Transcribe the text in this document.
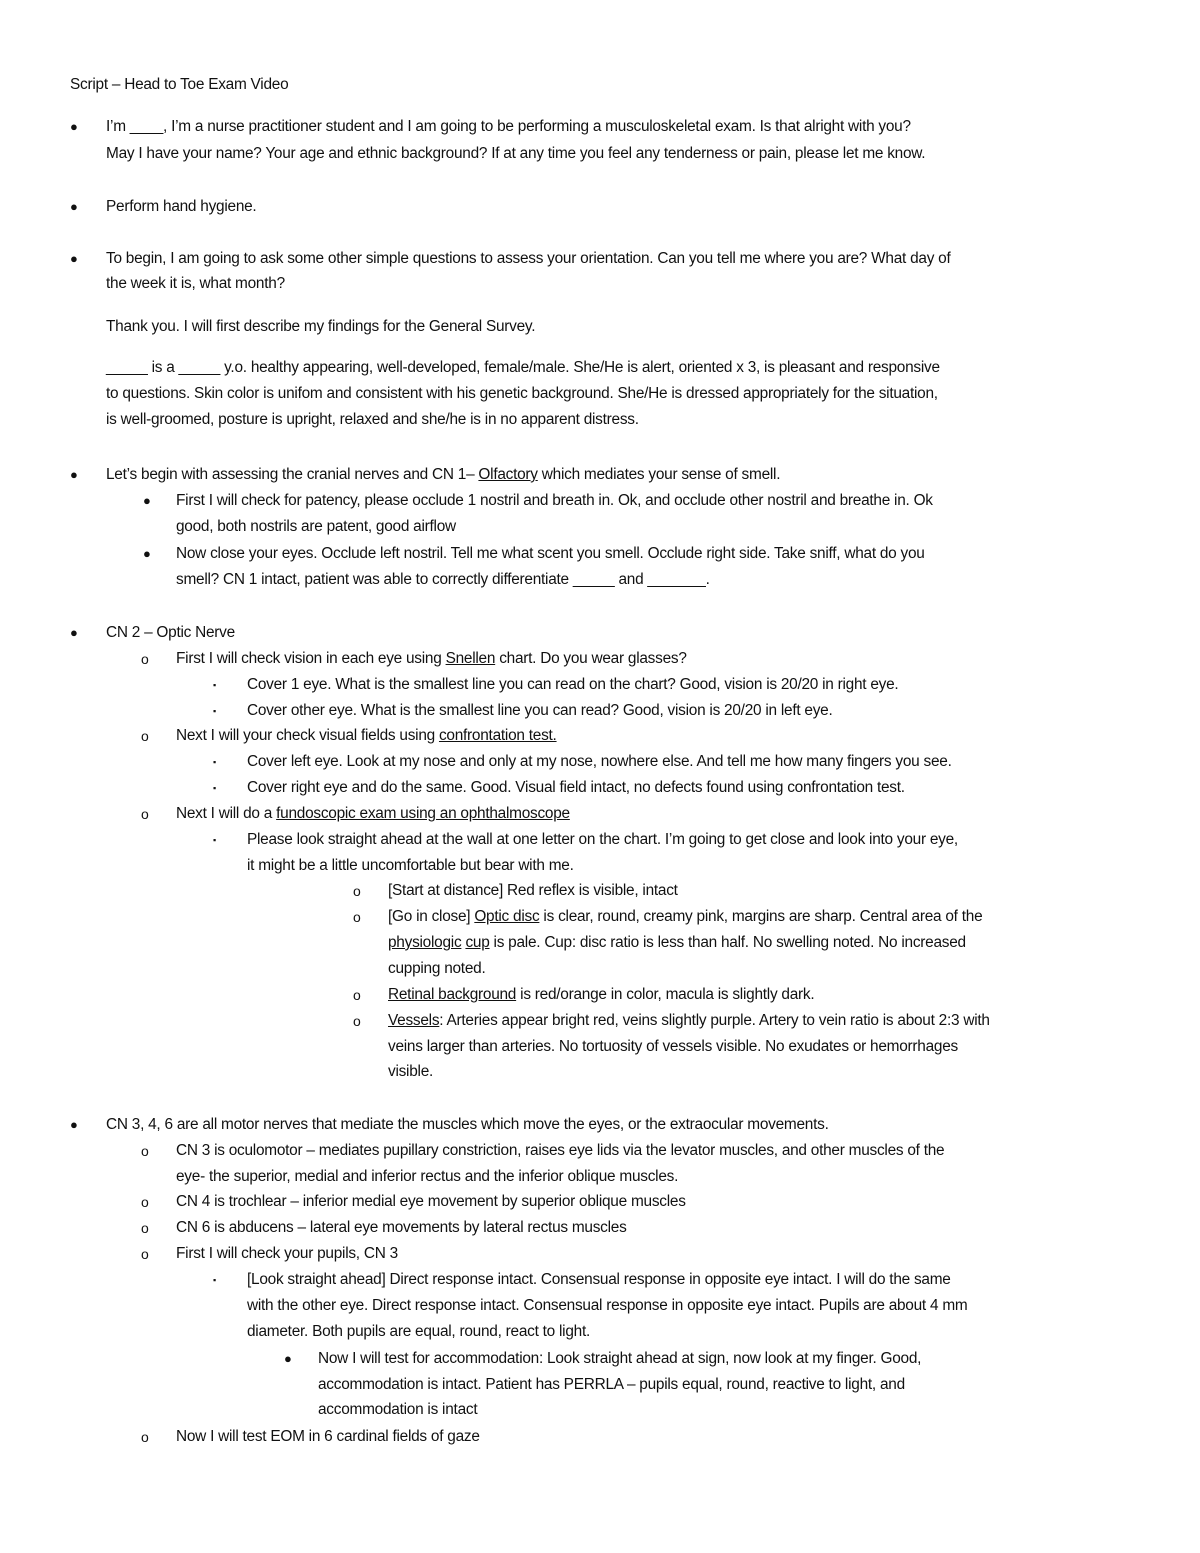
Script – Head to Toe Exam Video
● I’m ____, I’m a nurse practitioner student and I am going to be performing a musculoskeletal exam. Is that alright with you?
May I have your name? Your age and ethnic background? If at any time you feel any tenderness or pain, please let me know.
● Perform hand hygiene.
● To begin, I am going to ask some other simple questions to assess your orientation. Can you tell me where you are? What day of
the week it is, what month?
Thank you. I will first describe my findings for the General Survey.
_____ is a _____ y.o. healthy appearing, well-developed, female/male. She/He is alert, oriented x 3, is pleasant and responsive
to questions. Skin color is unifom and consistent with his genetic background. She/He is dressed appropriately for the situation,
is well-groomed, posture is upright, relaxed and she/he is in no apparent distress.
● Let’s begin with assessing the cranial nerves and CN 1– Olfactory which mediates your sense of smell.
● First I will check for patency, please occlude 1 nostril and breath in. Ok, and occlude other nostril and breathe in. Ok
good, both nostrils are patent, good airflow
● Now close your eyes. Occlude left nostril. Tell me what scent you smell. Occlude right side. Take sniff, what do you
smell? CN 1 intact, patient was able to correctly differentiate _____ and _______.
● CN 2 – Optic Nerve
o First I will check vision in each eye using Snellen chart. Do you wear glasses?
▪ Cover 1 eye. What is the smallest line you can read on the chart? Good, vision is 20/20 in right eye.
▪ Cover other eye. What is the smallest line you can read? Good, vision is 20/20 in left eye.
o Next I will your check visual fields using confrontation test.
▪ Cover left eye. Look at my nose and only at my nose, nowhere else. And tell me how many fingers you see.
▪ Cover right eye and do the same. Good. Visual field intact, no defects found using confrontation test.
o Next I will do a fundoscopic exam using an ophthalmoscope
▪ Please look straight ahead at the wall at one letter on the chart. I’m going to get close and look into your eye,
it might be a little uncomfortable but bear with me.
o [Start at distance] Red reflex is visible, intact
o [Go in close] Optic disc is clear, round, creamy pink, margins are sharp. Central area of the
physiologic cup is pale. Cup: disc ratio is less than half. No swelling noted. No increased
cupping noted.
o Retinal background is red/orange in color, macula is slightly dark.
o Vessels: Arteries appear bright red, veins slightly purple. Artery to vein ratio is about 2:3 with
veins larger than arteries. No tortuosity of vessels visible. No exudates or hemorrhages
visible.
● CN 3, 4, 6 are all motor nerves that mediate the muscles which move the eyes, or the extraocular movements.
o CN 3 is oculomotor – mediates pupillary constriction, raises eye lids via the levator muscles, and other muscles of the
eye- the superior, medial and inferior rectus and the inferior oblique muscles.
o CN 4 is trochlear – inferior medial eye movement by superior oblique muscles
o CN 6 is abducens – lateral eye movements by lateral rectus muscles
o First I will check your pupils, CN 3
▪ [Look straight ahead] Direct response intact. Consensual response in opposite eye intact. I will do the same
with the other eye. Direct response intact. Consensual response in opposite eye intact. Pupils are about 4 mm
diameter. Both pupils are equal, round, react to light.
● Now I will test for accommodation: Look straight ahead at sign, now look at my finger. Good,
accommodation is intact. Patient has PERRLA – pupils equal, round, reactive to light, and
accommodation is intact
o Now I will test EOM in 6 cardinal fields of gaze
